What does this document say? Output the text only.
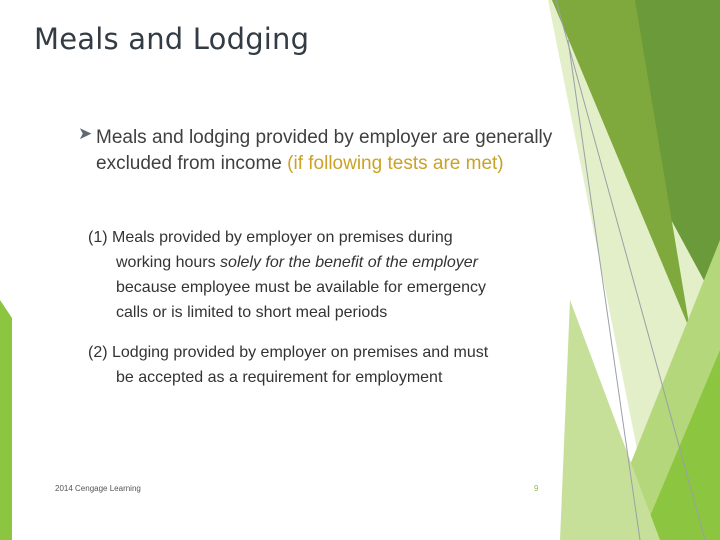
Meals and Lodging
➤ Meals and lodging provided by employer are generally excluded from income (if following tests are met)
(1) Meals provided by employer on premises during
working hours solely for the benefit of the employer
because employee must be available for emergency
calls or is limited to short meal periods
(2) Lodging provided by employer on premises and must
be accepted as a requirement for employment
2014 Cengage Learning	9
